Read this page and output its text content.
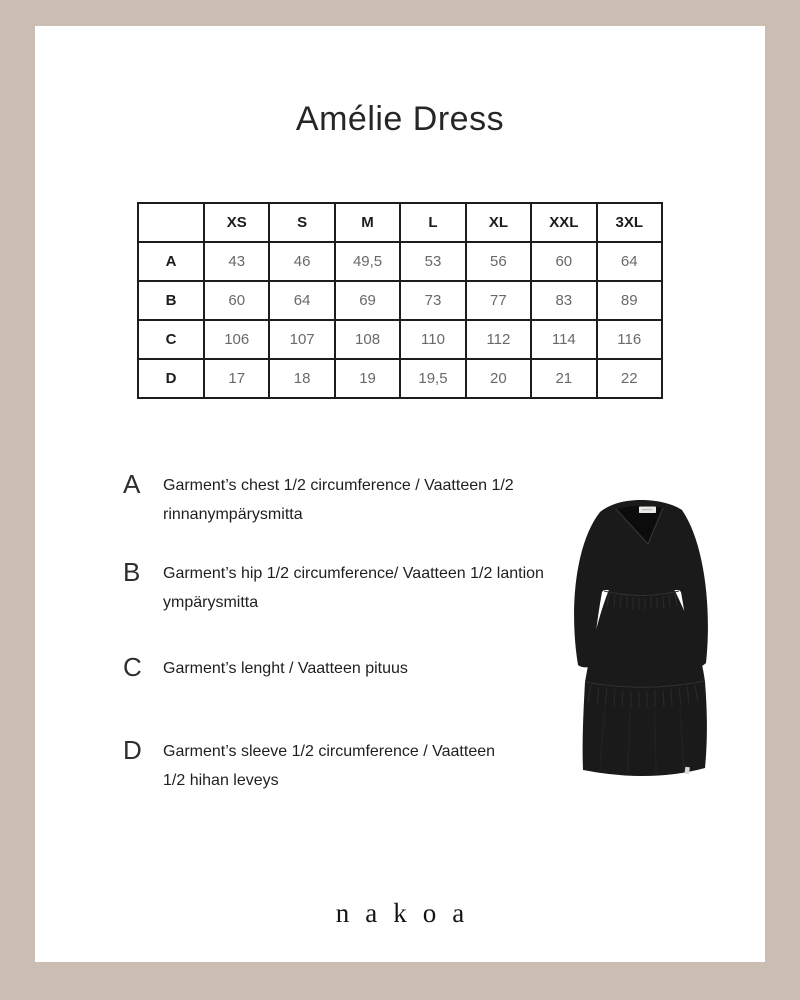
Amélie Dress
	XS	S	M	L	XL	XXL	3XL
A	43	46	49,5	53	56	60	64
B	60	64	69	73	77	83	89
C	106	107	108	110	112	114	116
D	17	18	19	19,5	20	21	22
A	Garment’s chest 1/2 circumference / Vaatteen 1/2
rinnanympärysmitta
B	Garment’s hip 1/2 circumference/ Vaatteen 1/2 lantion
ympärysmitta
C	Garment’s lenght / Vaatteen pituus
D	Garment’s sleeve 1/2 circumference / Vaatteen
1/2 hihan leveys
nakoa
